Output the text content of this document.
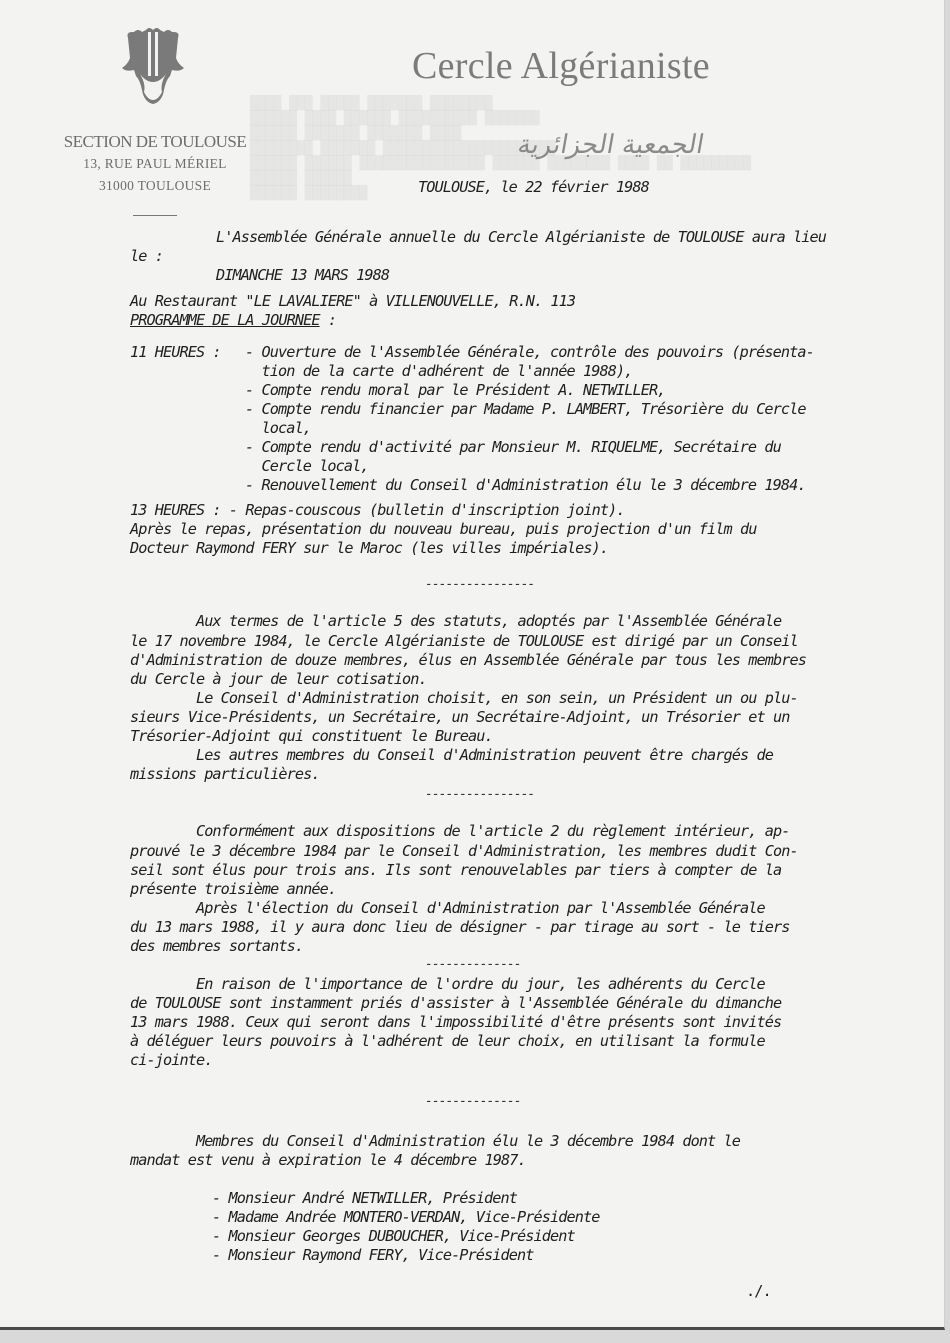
████ ███ █████ ███████ ████████
██████ ████ ██████ ██████████ ███████
██████ ███████ ███████ ████
████████ ███████ ██████████████████████
██████ ██████ ████████████████ ██████ ████████ ████ ██ █████████
██████ ██████
██████ ████████
SECTION DE TOULOUSE
13, RUE PAUL MÉRIEL
31000 TOULOUSE
Cercle Algérianiste
الجمعية الجزائرية
TOULOUSE, le 22 février 1988
L'Assemblée Générale annuelle du Cercle Algérianiste de TOULOUSE aura lieu
le :
DIMANCHE 13 MARS 1988
Au Restaurant "LE LAVALIERE" à VILLENOUVELLE, R.N. 113
PROGRAMME DE LA JOURNEE :
11 HEURES : - Ouverture de l'Assemblée Générale, contrôle des pouvoirs (présenta-
tion de la carte d'adhérent de l'année 1988),
- Compte rendu moral par le Président A. NETWILLER,
- Compte rendu financier par Madame P. LAMBERT, Trésorière du Cercle
local,
- Compte rendu d'activité par Monsieur M. RIQUELME, Secrétaire du
Cercle local,
- Renouvellement du Conseil d'Administration élu le 3 décembre 1984.
13 HEURES : - Repas-couscous (bulletin d'inscription joint).
Après le repas, présentation du nouveau bureau, puis projection d'un film du
Docteur Raymond FERY sur le Maroc (les villes impériales).
----------------
Aux termes de l'article 5 des statuts, adoptés par l'Assemblée Générale
le 17 novembre 1984, le Cercle Algérianiste de TOULOUSE est dirigé par un Conseil
d'Administration de douze membres, élus en Assemblée Générale par tous les membres
du Cercle à jour de leur cotisation.
Le Conseil d'Administration choisit, en son sein, un Président un ou plu-
sieurs Vice-Présidents, un Secrétaire, un Secrétaire-Adjoint, un Trésorier et un
Trésorier-Adjoint qui constituent le Bureau.
Les autres membres du Conseil d'Administration peuvent être chargés de
missions particulières.
----------------
Conformément aux dispositions de l'article 2 du règlement intérieur, ap-
prouvé le 3 décembre 1984 par le Conseil d'Administration, les membres dudit Con-
seil sont élus pour trois ans. Ils sont renouvelables par tiers à compter de la
présente troisième année.
Après l'élection du Conseil d'Administration par l'Assemblée Générale
du 13 mars 1988, il y aura donc lieu de désigner - par tirage au sort - le tiers
des membres sortants.
--------------
En raison de l'importance de l'ordre du jour, les adhérents du Cercle
de TOULOUSE sont instamment priés d'assister à l'Assemblée Générale du dimanche
13 mars 1988. Ceux qui seront dans l'impossibilité d'être présents sont invités
à déléguer leurs pouvoirs à l'adhérent de leur choix, en utilisant la formule
ci-jointe.
--------------
Membres du Conseil d'Administration élu le 3 décembre 1984 dont le
mandat est venu à expiration le 4 décembre 1987.
- Monsieur André NETWILLER, Président
- Madame Andrée MONTERO-VERDAN, Vice-Présidente
- Monsieur Georges DUBOUCHER, Vice-Président
- Monsieur Raymond FERY, Vice-Président
./.
